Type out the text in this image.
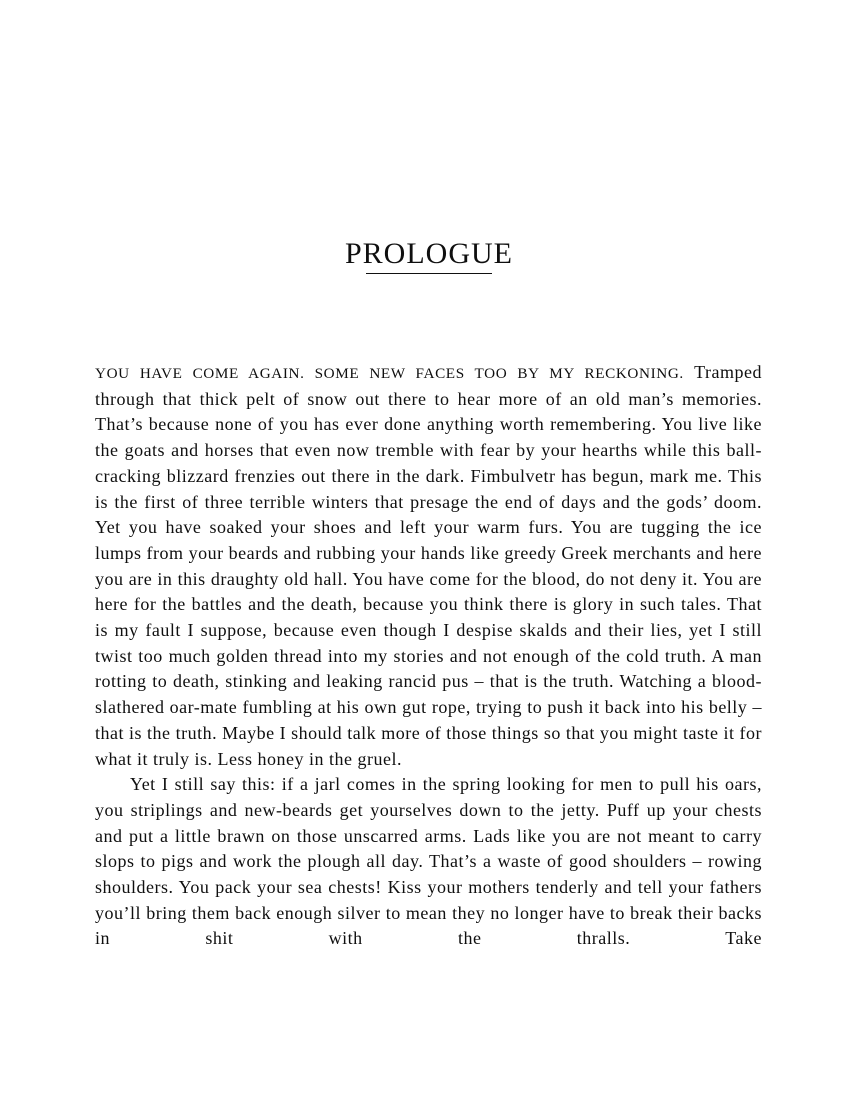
PROLOGUE

YOU HAVE COME AGAIN. SOME NEW FACES TOO BY MY RECKONING. Tramped through that thick pelt of snow out there to hear more of an old man’s memories. That’s because none of you has ever done anything worth remembering. You live like the goats and horses that even now tremble with fear by your hearths while this ball-cracking blizzard frenzies out there in the dark. Fimbulvetr has begun, mark me. This is the first of three terrible winters that presage the end of days and the gods’ doom. Yet you have soaked your shoes and left your warm furs. You are tugging the ice lumps from your beards and rubbing your hands like greedy Greek merchants and here you are in this draughty old hall. You have come for the blood, do not deny it. You are here for the battles and the death, because you think there is glory in such tales. That is my fault I suppose, because even though I despise skalds and their lies, yet I still twist too much golden thread into my stories and not enough of the cold truth. A man rotting to death, stinking and leaking rancid pus – that is the truth. Watching a blood-slathered oar-mate fumbling at his own gut rope, trying to push it back into his belly – that is the truth. Maybe I should talk more of those things so that you might taste it for what it truly is. Less honey in the gruel.

Yet I still say this: if a jarl comes in the spring looking for men to pull his oars, you striplings and new-beards get yourselves down to the jetty. Puff up your chests and put a little brawn on those unscarred arms. Lads like you are not meant to carry slops to pigs and work the plough all day. That’s a waste of good shoulders – rowing shoulders. You pack your sea chests! Kiss your mothers tenderly and tell your fathers you’ll bring them back enough silver to mean they no longer have to break their backs in shit with the thralls. Take
